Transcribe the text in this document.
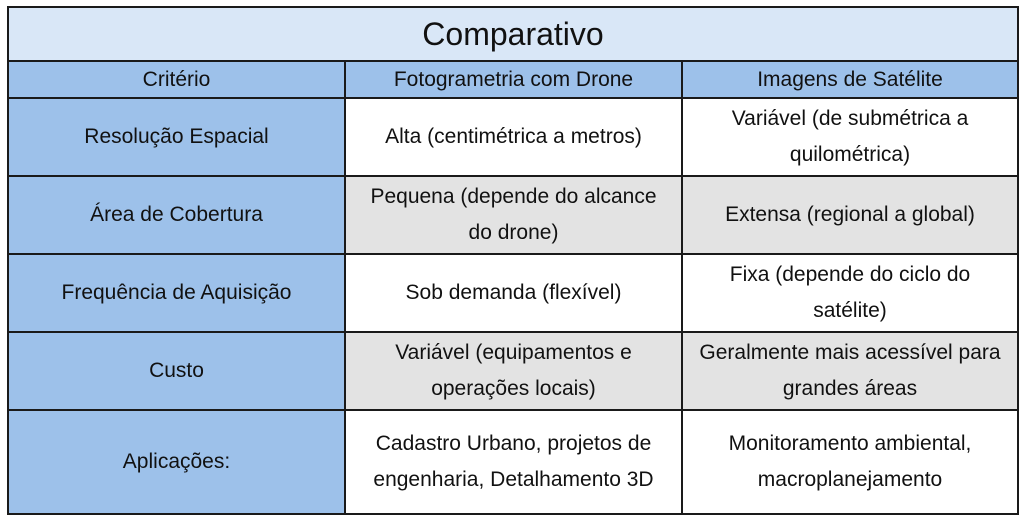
Comparativo		
Critério	Fotogrametria com Drone	Imagens de Satélite
Resolução Espacial	Alta (centimétrica a metros)	Variável (de submétrica a
quilométrica)
Área de Cobertura	Pequena (depende do alcance
do drone)	Extensa (regional a global)
Frequência de Aquisição	Sob demanda (flexível)	Fixa (depende do ciclo do
satélite)
Custo	Variável (equipamentos e
operações locais)	Geralmente mais acessível para
grandes áreas
Aplicações:	Cadastro Urbano, projetos de
engenharia, Detalhamento 3D	Monitoramento ambiental,
macroplanejamento
